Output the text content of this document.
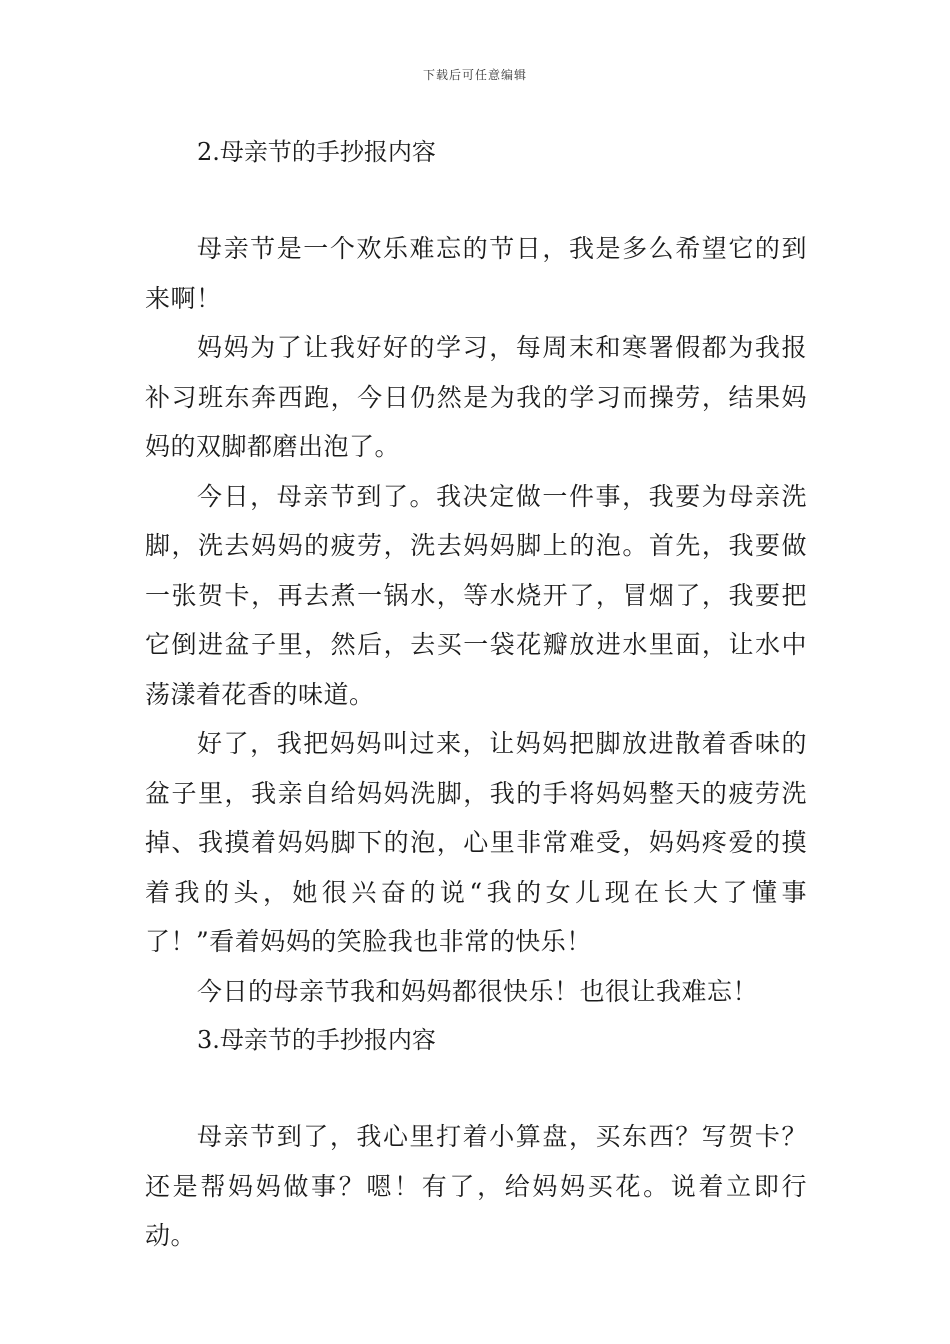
下载后可任意编辑
2.母亲节的手抄报内容

母亲节是一个欢乐难忘的节日，我是多么希望它的到来啊！

妈妈为了让我好好的学习，每周末和寒署假都为我报补习班东奔西跑，今日仍然是为我的学习而操劳，结果妈妈的双脚都磨出泡了。

今日，母亲节到了。我决定做一件事，我要为母亲洗脚，洗去妈妈的疲劳，洗去妈妈脚上的泡。首先，我要做一张贺卡，再去煮一锅水，等水烧开了，冒烟了，我要把它倒进盆子里，然后，去买一袋花瓣放进水里面，让水中荡漾着花香的味道。

好了，我把妈妈叫过来，让妈妈把脚放进散着香味的盆子里，我亲自给妈妈洗脚，我的手将妈妈整天的疲劳洗掉、我摸着妈妈脚下的泡，心里非常难受，妈妈疼爱的摸着我的头，她很兴奋的说“我的女儿现在长大了懂事了！”看着妈妈的笑脸我也非常的快乐！

今日的母亲节我和妈妈都很快乐！也很让我难忘！

3.母亲节的手抄报内容

母亲节到了，我心里打着小算盘，买东西？写贺卡？还是帮妈妈做事？嗯！有了，给妈妈买花。说着立即行动。
